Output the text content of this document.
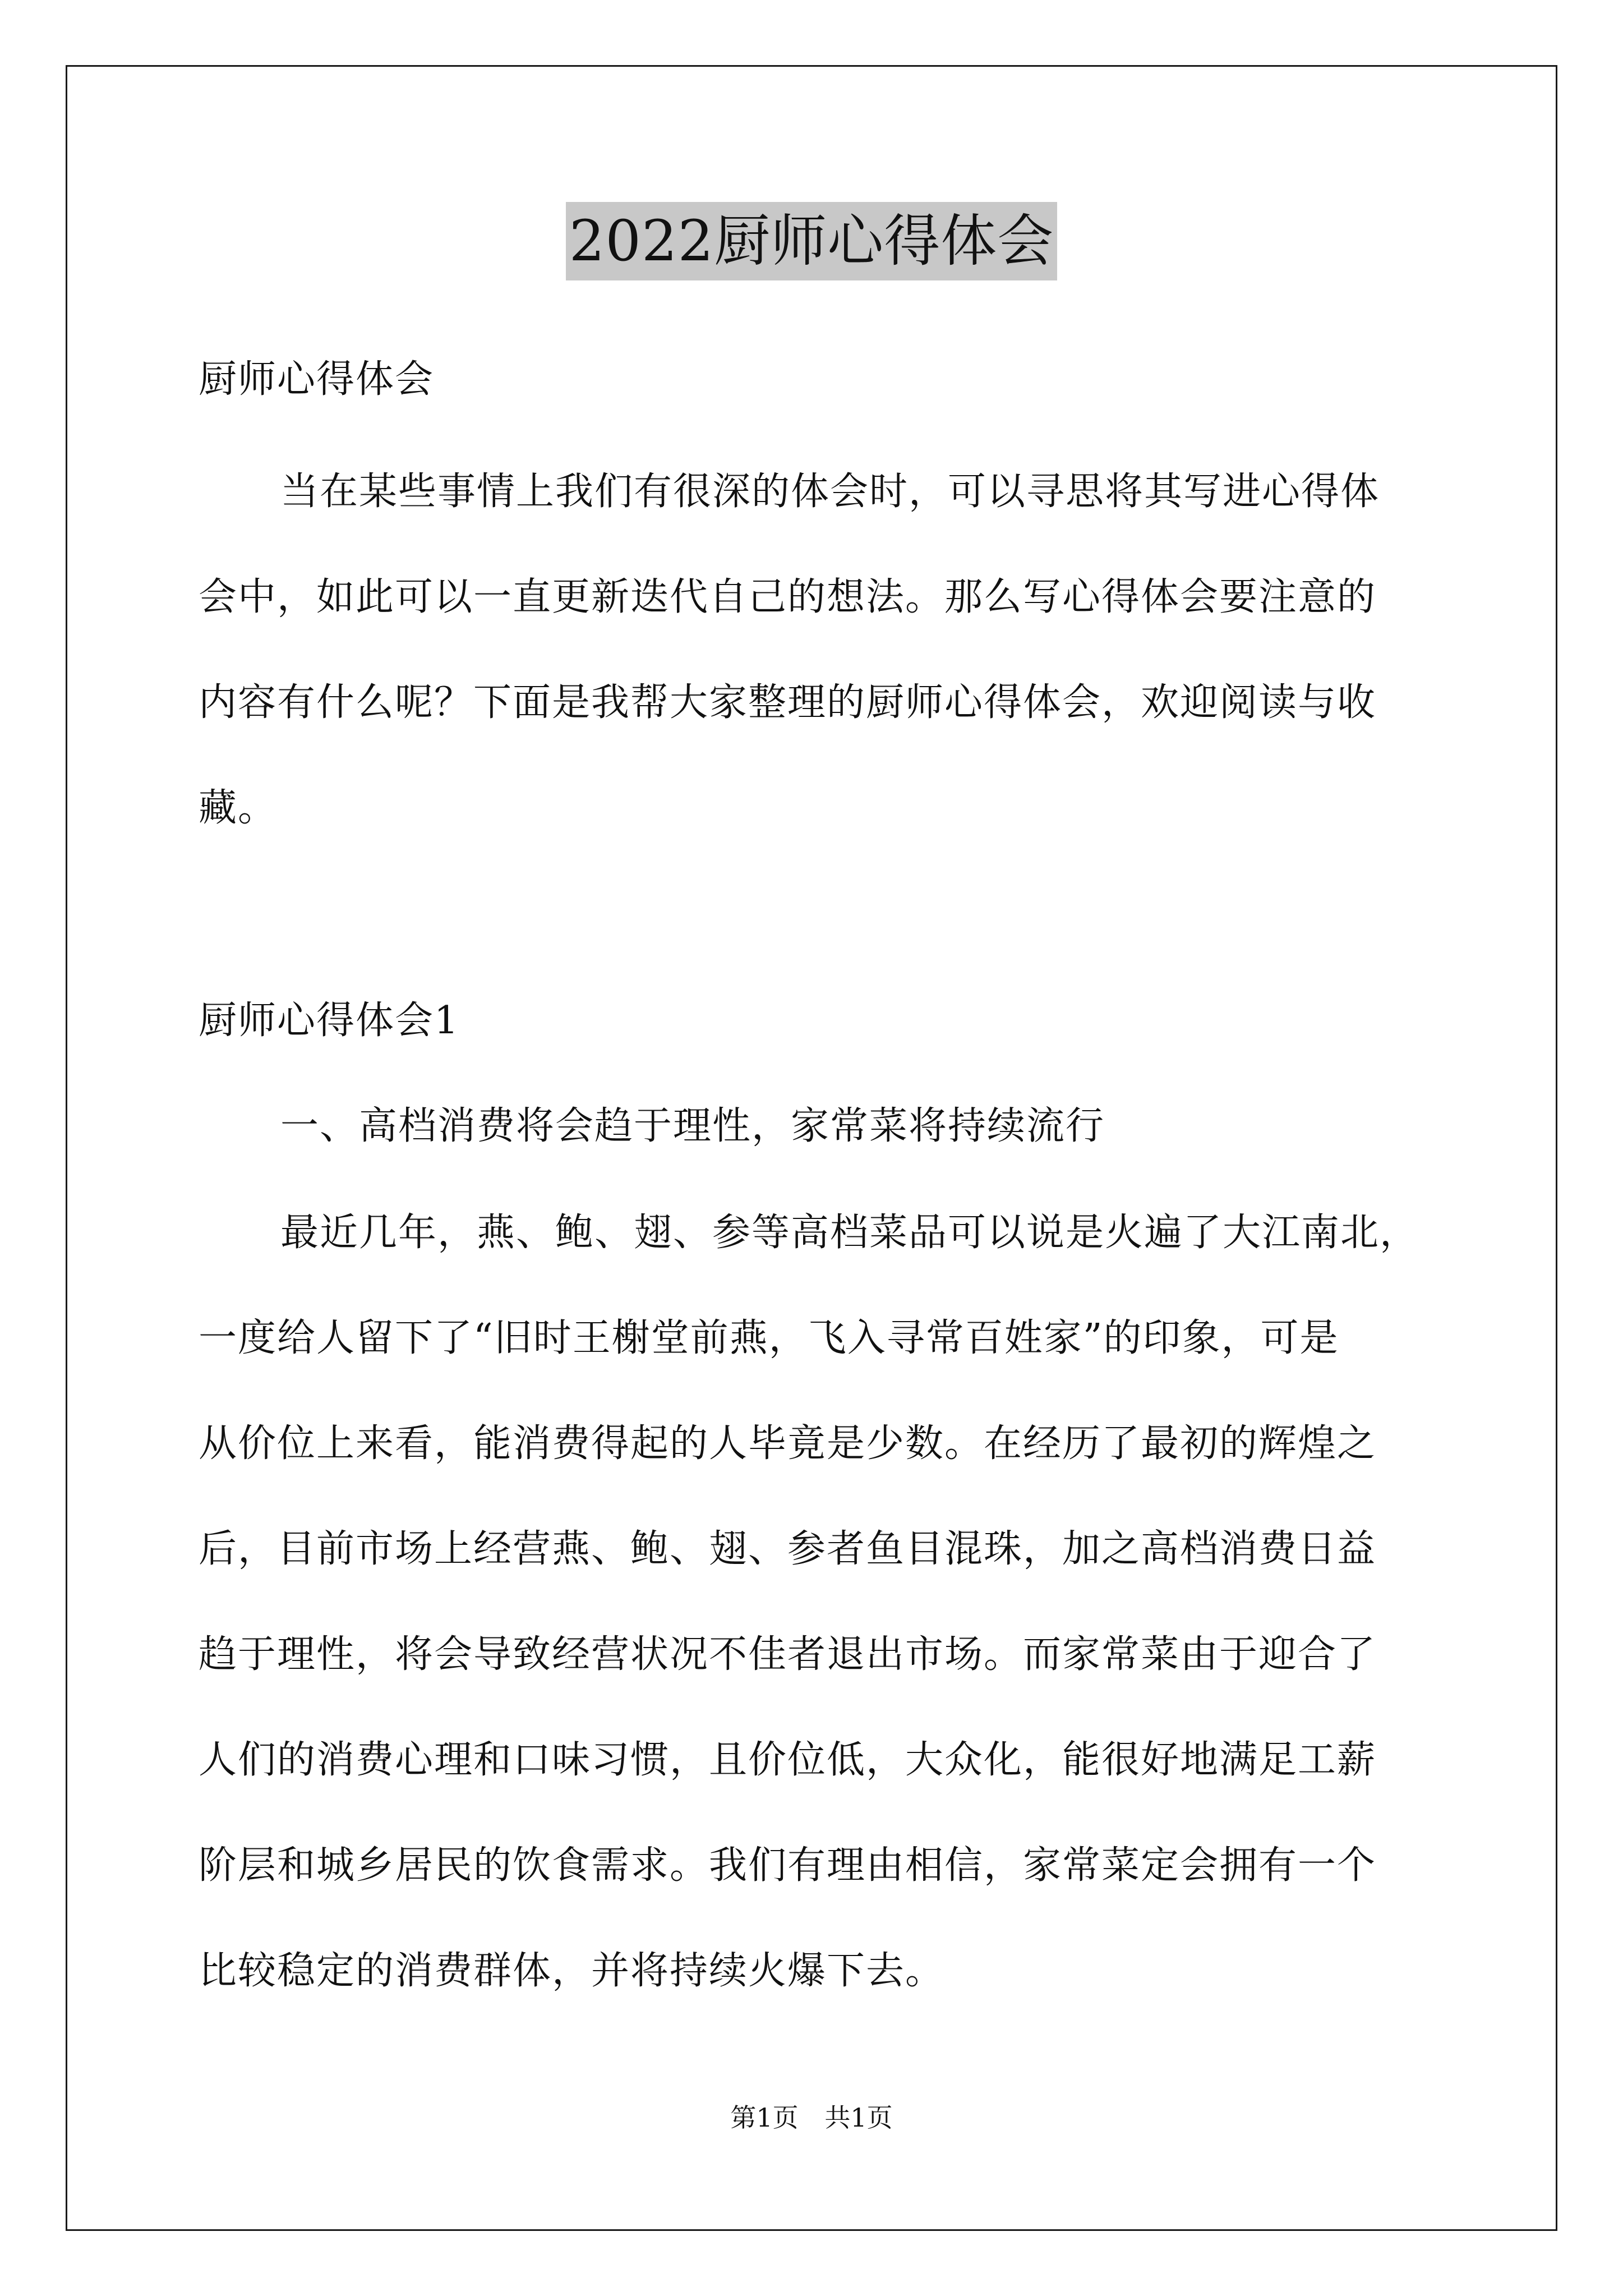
2022厨师心得体会
厨师心得体会
当在某些事情上我们有很深的体会时，可以寻思将其写进心得体
会中，如此可以一直更新迭代自己的想法。那么写心得体会要注意的
内容有什么呢？下面是我帮大家整理的厨师心得体会，欢迎阅读与收
藏。
厨师心得体会1
一、高档消费将会趋于理性，家常菜将持续流行
最近几年，燕、鲍、翅、参等高档菜品可以说是火遍了大江南北，
一度给人留下了“旧时王榭堂前燕，飞入寻常百姓家”的印象，可是
从价位上来看，能消费得起的人毕竟是少数。在经历了最初的辉煌之
后，目前市场上经营燕、鲍、翅、参者鱼目混珠，加之高档消费日益
趋于理性，将会导致经营状况不佳者退出市场。而家常菜由于迎合了
人们的消费心理和口味习惯，且价位低，大众化，能很好地满足工薪
阶层和城乡居民的饮食需求。我们有理由相信，家常菜定会拥有一个
比较稳定的消费群体，并将持续火爆下去。
第1页 共1页
